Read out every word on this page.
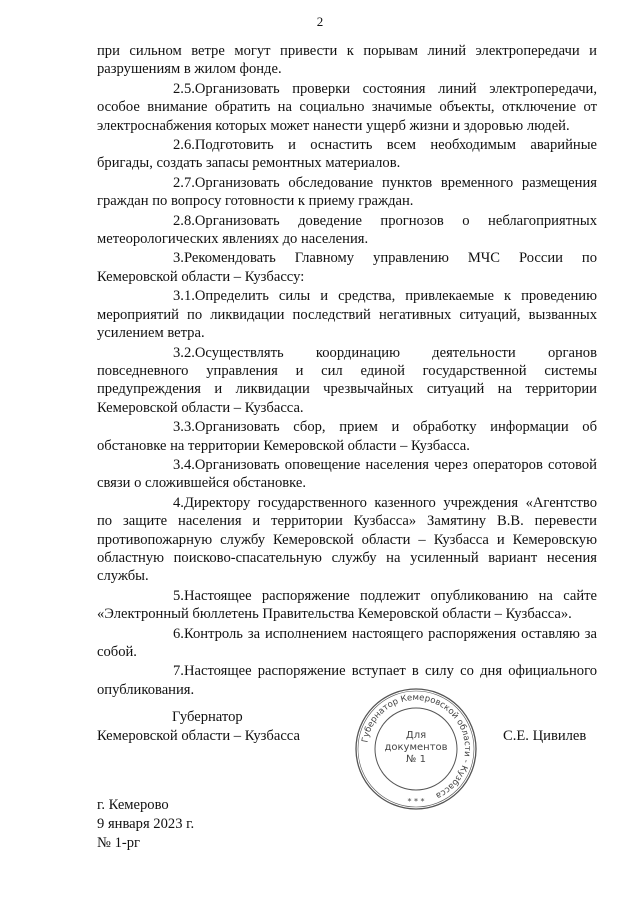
2

при сильном ветре могут привести к порывам линий электропередачи и разрушениям в жилом фонде.

2.5.Организовать проверки состояния линий электропередачи, особое внимание обратить на социально значимые объекты, отключение от электроснабжения которых может нанести ущерб жизни и здоровью людей.

2.6.Подготовить и оснастить всем необходимым аварийные бригады, создать запасы ремонтных материалов.

2.7.Организовать обследование пунктов временного размещения граждан по вопросу готовности к приему граждан.

2.8.Организовать доведение прогнозов о неблагоприятных метеорологических явлениях до населения.

3.Рекомендовать Главному управлению МЧС России по Кемеровской области – Кузбассу:

3.1.Определить силы и средства, привлекаемые к проведению мероприятий по ликвидации последствий негативных ситуаций, вызванных усилением ветра.

3.2.Осуществлять координацию деятельности органов повседневного управления и сил единой государственной системы предупреждения и ликвидации чрезвычайных ситуаций на территории Кемеровской области – Кузбасса.

3.3.Организовать сбор, прием и обработку информации об обстановке на территории Кемеровской области – Кузбасса.

3.4.Организовать оповещение населения через операторов сотовой связи о сложившейся обстановке.

4.Директору государственного казенного учреждения «Агентство по защите населения и территории Кузбасса» Замятину В.В. перевести противопожарную службу Кемеровской области – Кузбасса и Кемеровскую областную поисково-спасательную службу на усиленный вариант несения службы.

5.Настоящее распоряжение подлежит опубликованию на сайте «Электронный бюллетень Правительства Кемеровской области – Кузбасса».

6.Контроль за исполнением настоящего распоряжения оставляю за собой.

7.Настоящее распоряжение вступает в силу со дня официального опубликования.

Губернатор
Кемеровской области – Кузбасса	С.Е. Цивилев
Губернатор Кемеровской области - Кузбасса
Для
документов
№ 1
* * *
г. Кемерово
9 января 2023 г.
№ 1-рг
